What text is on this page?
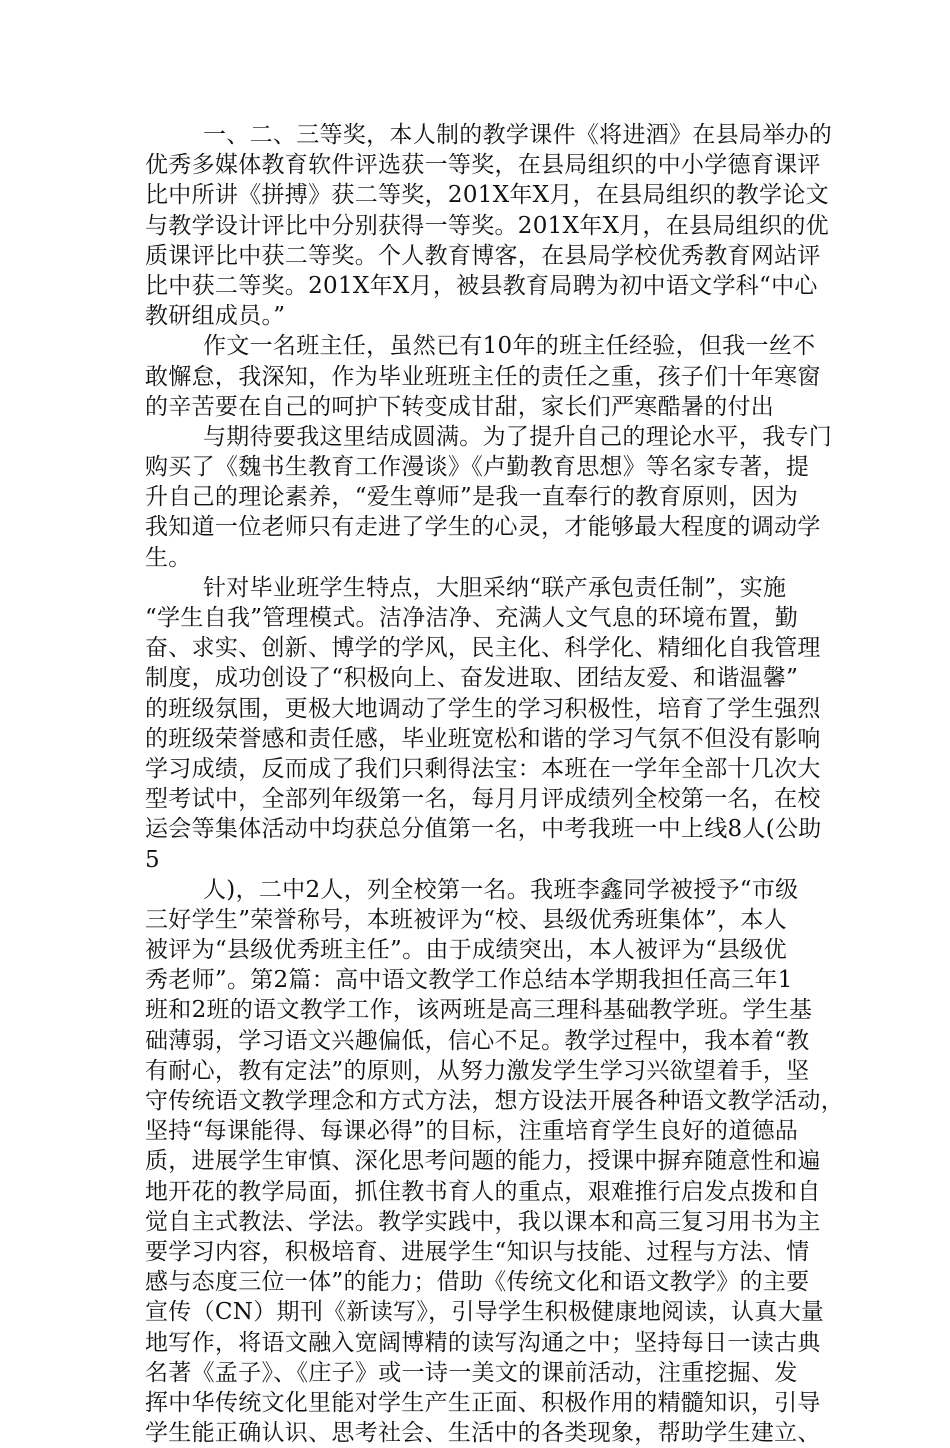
一、二、三等奖，本人制的教学课件《将进酒》在县局举办的
优秀多媒体教育软件评选获一等奖，在县局组织的中小学德育课评
比中所讲《拼搏》获二等奖，201X年X月，在县局组织的教学论文
与教学设计评比中分别获得一等奖。201X年X月，在县局组织的优
质课评比中获二等奖。个人教育博客，在县局学校优秀教育网站评
比中获二等奖。201X年X月，被县教育局聘为初中语文学科“中心
教研组成员。”
作文一名班主任，虽然已有10年的班主任经验，但我一丝不
敢懈怠，我深知，作为毕业班班主任的责任之重，孩子们十年寒窗
的辛苦要在自己的呵护下转变成甘甜，家长们严寒酷暑的付出
与期待要我这里结成圆满。为了提升自己的理论水平，我专门
购买了《魏书生教育工作漫谈》《卢勤教育思想》等名家专著，提
升自己的理论素养，“爱生尊师”是我一直奉行的教育原则，因为
我知道一位老师只有走进了学生的心灵，才能够最大程度的调动学
生。
针对毕业班学生特点，大胆采纳“联产承包责任制”，实施
“学生自我”管理模式。洁净洁净、充满人文气息的环境布置，勤
奋、求实、创新、博学的学风，民主化、科学化、精细化自我管理
制度，成功创设了“积极向上、奋发进取、团结友爱、和谐温馨”
的班级氛围，更极大地调动了学生的学习积极性，培育了学生强烈
的班级荣誉感和责任感，毕业班宽松和谐的学习气氛不但没有影响
学习成绩，反而成了我们只剩得法宝：本班在一学年全部十几次大
型考试中，全部列年级第一名，每月月评成绩列全校第一名，在校
运会等集体活动中均获总分值第一名，中考我班一中上线8人(公助
5
人)，二中2人，列全校第一名。我班李鑫同学被授予“市级
三好学生”荣誉称号，本班被评为“校、县级优秀班集体”，本人
被评为“县级优秀班主任”。由于成绩突出，本人被评为“县级优
秀老师”。第2篇：高中语文教学工作总结本学期我担任高三年1
班和2班的语文教学工作，该两班是高三理科基础教学班。学生基
础薄弱，学习语文兴趣偏低，信心不足。教学过程中，我本着“教
有耐心，教有定法”的原则，从努力激发学生学习兴欲望着手，坚
守传统语文教学理念和方式方法，想方设法开展各种语文教学活动，
坚持“每课能得、每课必得”的目标，注重培育学生良好的道德品
质，进展学生审慎、深化思考问题的能力，授课中摒弃随意性和遍
地开花的教学局面，抓住教书育人的重点，艰难推行启发点拨和自
觉自主式教法、学法。教学实践中，我以课本和高三复习用书为主
要学习内容，积极培育、进展学生“知识与技能、过程与方法、情
感与态度三位一体”的能力；借助《传统文化和语文教学》的主要
宣传（CN）期刊《新读写》，引导学生积极健康地阅读，认真大量
地写作，将语文融入宽阔博精的读写沟通之中；坚持每日一读古典
名著《孟子》、《庄子》或一诗一美文的课前活动，注重挖掘、发
挥中华传统文化里能对学生产生正面、积极作用的精髓知识，引导
学生能正确认识、思考社会、生活中的各类现象，帮助学生建立、
